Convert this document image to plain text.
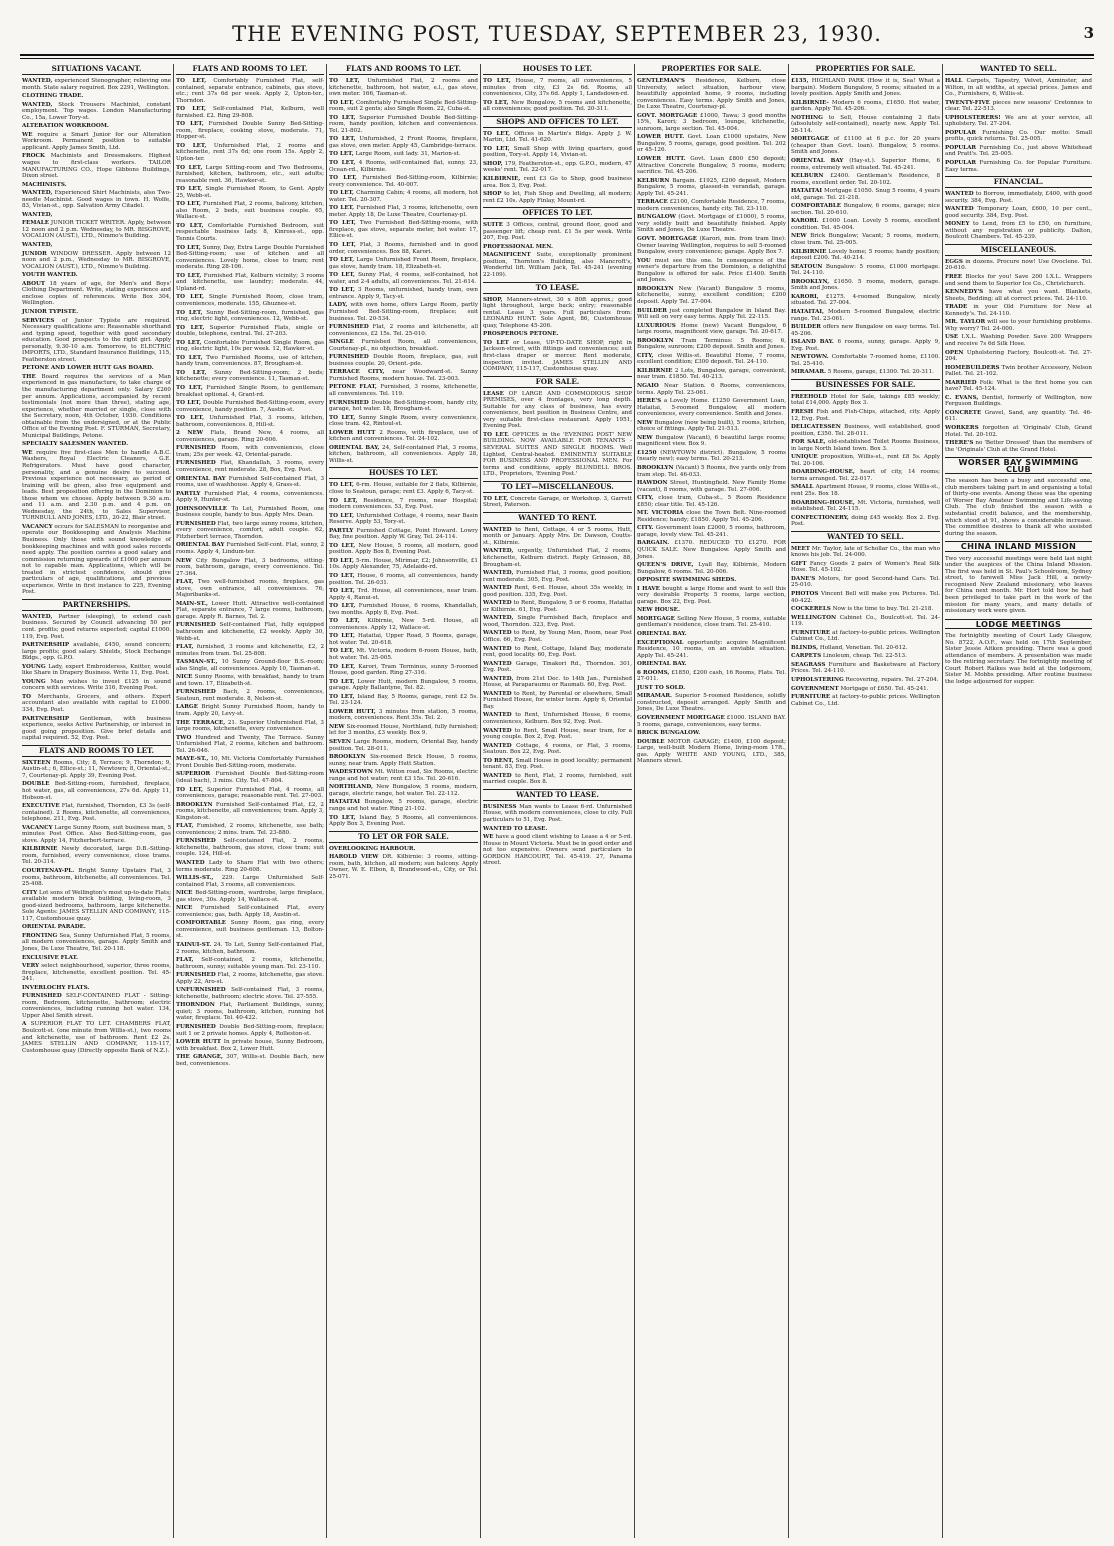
THE EVENING POST, TUESDAY, SEPTEMBER 23, 1930.	3
SITUATIONS VACANT.
WANTED, experienced Stenographer, relieving one month. State salary required. Box 2291, Wellington.
CLOTHING TRADE.
WANTED, Stock Trousers Machinist, constant employment. Top wages. London Manufacturing Co., 15a, Lower Tory-st.
ALTERATION WORKROOM.
WE require a Smart Junior for our Alteration Workroom. Permanent position to suitable applicant. Apply James Smith, Ltd.
FROCK Machinists and Dressmakers. Highest wages to first-class workers. TAILOR MANUFACTURING CO., Hope Gibbons Buildings, Dixon street.
MACHINISTS.
WANTED, Experienced Shirt Machinists, also Two-needle Machinist. Good wages in town. H. Wolfe, 83, Vivian-st., opp. Salvation Army Citadel.
WANTED,
FEMALE JUNIOR TICKET WRITER. Apply, between 12 noon and 2 p.m. Wednesday, to MR. BISGROVE, VOCALION (AUST.), LTD., Nimmo's Building.
WANTED,
JUNIOR WINDOW DRESSER. Apply between 12 noon and 2 p.m., Wednesday to MR. BISGROVE, VOCALION (AUST.), LTD., Nimmo's Building.
YOUTH WANTED.
ABOUT 18 years of age, for Men's and Boys' Clothing Department. Write, stating experience and enclose copies of references. Write Box 304, Wellington.
JUNIOR TYPISTE.
SERVICES of Junior Typiste are required. Necessary qualifications are: Reasonable shorthand and typing speed, together with good secondary education. Good prospects to the right girl. Apply personally, 9.30-10 a.m. Tomorrow, to ELECTRIC IMPORTS, LTD., Standard Insurance Buildings, 115, Featherston street.
PETONE AND LOWER HUTT GAS BOARD.
THE Board requires the services of a Man experienced in gas manufacture, to take charge of the manufacturing department only. Salary £260 per annum. Applications, accompanied by recent testimonials (not more than three), stating age, experience, whether married or single, close with the Secretary, noon, 4th October, 1930. Conditions obtainable from the undersigned, or at the Public Office of the Evening Post. F. STURMAN, Secretary, Municipal Buildings, Petone.
SPECIALTY SALESMEN WANTED.
WE require five first-class Men to handle A.B.C. Washers, Royal Electric Cleaners, G.E. Refrigerators. Must have good character, personality, and a genuine desire to succeed. Previous experience not necessary, as period of training will be given, also free equipment and leads. Best proposition offering in the Dominion to those whom we choose. Apply between 9.30 a.m. and 11 a.m. and 2.30 p.m. and 4 p.m. on Wednesday, the 24th, to Sales Supervisor, TURNBULL AND JONES, LTD., 20-22, Blair street.
VACANCY occurs for SALESMAN to reorganise and operate our Bookkeeping and Analysis Machine Business. Only those with sound knowledge of bookkeeping machines and with good sales records need apply. The position carries a good salary and commission returning upwards of £1000 per annum not to capable man. Applications, which will be treated in strictest confidence, should give particulars of age, qualifications, and previous experience. Write in first instance to 225, Evening Post.
PARTNERSHIPS.
WANTED, Partner (sleeping), to extend cash business. Secured by Council advancing 50 per cent. profits; good returns expected; capital £1000. 119, Evg. Post.
PARTNERSHIP available, £450, sound concern; large profits; good salary. Shields, Stock Exchange Bldgs., opp. G.P.O.
YOUNG Lady, expert Embroideress, Knitter, would like Share in Drapery Business. Write 11, Evg. Post.
YOUNG Man wishes to invest £125 in sound concern with services. Write 316, Evening Post.
TO Merchants, Grocers, and others. Expert accountant also available with capital to £1000. 334, Evg. Post.
PARTNERSHIP Gentleman, with business experience, seeks Active Partnership, or interest in good going proposition. Give brief details and capital required. 52, Evg. Post.
FLATS AND ROOMS TO LET.
SIXTEEN Rooms, City; 8, Terrace; 9, Thorndon; 9, Austin-st.; 6, Ellice-st.; 11, Newtown; 8, Oriental-st.; 7, Courtenay-pl. Apply 39, Evening Post.
DOUBLE Bed-Sitting-room, furnished, fireplace, hot water, gas, all conveniences, 27s 6d. Apply 11, Hobson-st.
EXECUTIVE Flat, furnished, Thorndon, £3 3s (self-contained). 2 Rooms, kitchenette, all conveniences, telephone. 211, Evg. Post.
VACANCY Large Sunny Room, suit business man, 5 minutes Post Office. Also Bed-Sitting-room, gas stove. Apply 14, Fitzherbert-terrace.
KILBIRNIE Newly decorated, large D.B.-Sitting-room, furnished, every convenience, close trams. Tel. 20-314.
COURTENAY-PL. Bright Sunny Upstairs Flat, 3 rooms, bathroom, kitchenette, all conveniences. Tel. 25-408.
CITY Lot sons of Wellington's most up-to-date Flats; available modern brick building, living-room, 3 good-sized bedrooms, bathroom, large kitchenette. Sole Agents: JAMES STELLIN AND COMPANY, 115-117, Customhouse quay.
ORIENTAL PARADE.
FRONTING Sea, Sunny Unfurnished Flat, 5 rooms, all modern conveniences, garage. Apply Smith and Jones, De Luxe Theatre, Tel. 20-118.
EXCLUSIVE FLAT.
VERY select neighbourhood, superior, three rooms, fireplace, kitchenette, excellent position. Tel. 45-241.
INVERLOCHY FLATS.
FURNISHED SELF-CONTAINED FLAT - Sitting-room, Bedroom, kitchenette, bathroom; electric conveniences, including running hot water. 134, Upper Abel Smith street.
A SUPERIOR FLAT TO LET. CHAMBERS FLAT, Boulcott-st. (one minute from Willis-st.), two rooms and kitchenette, use of bathroom. Rent £2 2s. JAMES STELLIN AND COMPANY, 115-117, Customhouse quay (Directly opposite Bank of N.Z.).
FLATS AND ROOMS TO LET.
TO LET, Comfortably Furnished Flat, self-contained, separate entrance, cabinets, gas stove, etc.; rent 37s 6d per week. Apply 2, Upton-ter., Thorndon.
TO LET, Self-contained Flat, Kelburn, well furnished. £2. Ring 29-808.
TO LET, Furnished Double Sunny Bed-Sitting-room, fireplace, cooking stove, moderate. 71, Hopper-st.
TO LET, Unfurnished Flat, 2 rooms and kitchenette, rent 37s 6d; one room 15s. Apply 2, Upton-ter.
TO LET, Large Sitting-room and Two Bedrooms, furnished, kitchen, bathroom, etc., suit adults; reasonable rent. 36, Hawker-st.
TO LET, Single Furnished Room, to Gent. Apply 25, Webb-st.
TO LET, Furnished Flat, 2 rooms, balcony, kitchen, also Room, 2 beds, suit business couple. 65, Wallace-st.
TO LET, Comfortable Furnished Bedroom, suit respectable business lady. 8, Kinross-st., opp. Tennis Courts.
TO LET, Sunny, Day, Extra Large Double Furnished Bed-Sitting-room; use of kitchen and all conveniences. Lovely home, close to tram; rent moderate. Ring 28-106.
TO LET, Furnished Flat, Kelburn vicinity; 3 rooms and kitchenette, use laundry; moderate. 44, Upland-rd.
TO LET, Single Furnished Room, close tram, conveniences, moderate. 155, Ghuznee-st.
TO LET, Sunny Bed-Sitting-room, furnished, gas ring, electric light, conveniences. 12, Webb-st.
TO LET, Superior Furnished Flats, single or double, telephone, central. Tel. 27-203.
TO LET, Comfortable Furnished Single Room, gas ring, electric light, 10s per week. 12, Hawker-st.
TO LET, Two Furnished Rooms, use of kitchen, handy tram, conveniences. 87, Brougham-st.
TO LET, Sunny Bed-Sitting-room; 2 beds; kitchenette; every convenience. 11, Tasman-st.
TO LET, Furnished Single Room, to gentleman; breakfast optional. 4, Grant-rd.
TO LET, Double Furnished Bed-Sitting-room, every convenience, handy position. 7, Austin-st.
TO LET, Unfurnished Flat, 3 rooms, kitchen, bathroom, conveniences. 8, Hill-st.
2 NEW Flats, Brand New, 4 rooms, all conveniences, garage. Ring 20-606.
FURNISHED Room, with conveniences, close tram; 25s per week. 42, Oriental-parade.
FURNISHED Flat, Khandallah, 3 rooms, every convenience, rent moderate. 28, Box, Evg. Post.
ORIENTAL BAY Furnished Self-contained Flat, 3 rooms, use of washhouse. Apply 4, Grass-st.
PARTLY Furnished Flat, 4 rooms, conveniences. Apply 9, Hunter-st.
JOHNSONVILLE To Let, Furnished Room, one business couple, handy to bus. Apply Mrs. Dean.
FURNISHED Flat, two large sunny rooms, kitchen, every convenience, comfort, adult couple. 62, Fitzherbert terrace, Thorndon.
ORIENTAL BAY Furnished Self-cont. Flat, sunny, 2 rooms. Apply 4, Lindum-ter.
NEW City Bungalow Flat, 3 bedrooms, sitting-room, bathroom, garage, every convenience. Tel. 27-364.
FLAT, Two well-furnished rooms, fireplace, gas stove, own entrance, all conveniences. 76, Majoribanks-st.
MAIN-ST., Lower Hutt. Attractive well-contained Flat, separate entrance, 7 large rooms, bathroom, garage. Apply R. Barnes, Tel. 2.
FURNISHED Self-contained Flat, fully equipped bathroom and kitchenette, £2 weekly. Apply 30, Webb-st.
FLAT, furnished, 3 rooms and kitchenette, £2, 2 minutes from tram. Tel. 25-808.
TASMAN-ST., 10 Sunny Ground-floor B.S.-room; also Single, all conveniences. Apply 10, Tasman-st.
NICE Sunny Rooms, with breakfast, handy to tram and town. 17, Elizabeth-st.
FURNISHED Bach, 2 rooms, conveniences, Seatoun, rent moderate. 8, Nelson-st.
LARGE Bright Sunny Furnished Room, handy to tram. Apply 20, Levy-st.
THE TERRACE, 21. Superior Unfurnished Flat, 3 large rooms, kitchenette, every convenience.
TWO Hundred and Twenty, The Terrace. Sunny Unfurnished Flat, 2 rooms, kitchen and bathroom. Tel. 26-046.
MAYE-ST., 10, Mt. Victoria Comfortably Furnished Front Double Bed-Sitting-room, moderate.
SUPERIOR Furnished Double Bed-Sitting-room (ideal bach), 3 mins. City. Tel. 47-804.
TO LET, Superior Furnished Flat, 4 rooms, all conveniences, garage; reasonable rent. Tel. 27-003.
BROOKLYN Furnished Self-contained Flat, £2, 2 rooms, kitchenette, all conveniences; tram. Apply 3, Kingston-st.
FLAT, Fumished, 2 rooms, kitchenette, use bath; conveniences; 2 mins. tram. Tel. 23-880.
FURNISHED Self-contained Flat, 2 rooms, kitchenette, bathroom, gas stove, close tram; suit couple. 124, Hill-st.
WANTED Lady to Share Flat with two others; terms moderate. Ring 20-608.
WILLIS-ST., 229. Large Unfurnished Self-contained Flat, 3 rooms, all conveniences.
NICE Bed-Sitting-room, wardrobe, large fireplace, gas stove, 30s. Apply 14, Wallace-st.
NICE Furnished Self-contained Flat, every convenience; gas, bath. Apply 18, Austin-st.
COMFORTABLE Sunny Room, gas ring, every convenience, suit business gentleman. 13, Bolton-st.
TAINUI-ST. 24. To Let, Sunny Self-contained Flat, 2 rooms, kitchen, bathroom.
FLAT, Self-contained, 2 rooms, kitchenette, bathroom, sunny; suitable young man. Tel. 23-110.
FURNISHED Flat, 2 rooms, kitchenette, gas stove. Apply 22, Aro-st.
UNFURNISHED Self-contained Flat, 3 rooms, kitchenette, bathroom; electric stove. Tel. 27-555.
THORNDON Flat, Parliament Buildings, sunny, quiet; 3 rooms, bathroom, kitchen, running hot water, fireplace. Tel. 40-422.
FURNISHED Double Bed-Sitting-room, fireplace; suit 1 or 2 private homes. Apply 4, Rolleston-st.
LOWER HUTT In private house, Sunny Bedroom, with breakfast. Box 2, Lower Hutt.
THE GRANGE, 307, Willis-st. Double Bach, new bed, conveniences.
FLATS AND ROOMS TO LET.
TO LET, Unfurnished Flat, 2 rooms and kitchenette, bathroom, hot water, e.l., gas stove, own meter. 166, Tasman-st.
TO LET, Comfortably Furnished Single Bed-Sitting-room, suit 2 gents; also Single Room. 22, Cuba-st.
TO LET, Superior Furnished Double Bed-Sitting-room, handy position, kitchen and conveniences. Tel. 21-802.
TO LET, Unfurnished, 2 Front Rooms, fireplace, gas stove, own meter. Apply 45, Cambridge-terrace.
TO LET, Large Room, suit lady. 31, Marion-st.
TO LET, 4 Rooms, self-contained flat, sunny. 23, Ocean-rd., Kilbirnie.
TO LET, Furnished Bed-Sitting-room, Kilbirnie; every convenience. Tel. 40-007.
TO LET, Charming Cabin; 4 rooms, all modern, hot water. Tel. 20-307.
TO LET, Furnished Flat, 3 rooms, kitchenette, own meter. Apply 18, De Luxe Theatre, Courtenay-pl.
TO LET, Two Furnished Bed-Sitting-rooms, with fireplace, gas stove, separate meter, hot water. 17, Ellice-st.
TO LET, Flat, 3 Rooms, furnished and in good order, conveniences. Box 88, Karori.
TO LET, Large Unfurnished Front Room, fireplace, gas stove, handy tram. 18, Elizabeth-st.
TO LET, Sunny Flat, 4 rooms, self-contained, hot water, and 2-4 adults, all conveniences. Tel. 21-614.
TO LET, 3 Rooms, unfurnished, handy tram, own entrance. Apply 9, Tacy-st.
LADY, with own home, offers Large Room, partly Furnished Bed-Sitting-room, fireplace; suit business. Tel. 20-534.
FURNISHED Flat, 2 rooms and kitchenette, all conveniences, £2 15s. Tel. 25-010.
SINGLE Furnished Room, all conveniences, Courtenay-pl., no objection, breakfast.
FURNISHED Double Room, fireplace, gas, suit business couple. 20, Orient.-pde.
TERRACE CITY, near Woodward-st. Sunny Furnished Rooms, modern house. Tel. 23-003.
PETONE FLAT, Furnished, 3 rooms, kitchenette, all conveniences. Tel. 119.
FURNISHED Double Bed-Sitting-room, handy city, garage, hot water. 18, Brougham-st.
TO LET, Sunny Single Room, every convenience, close tram. 42, Rintoul-st.
LOWER HUTT 2 Rooms, with fireplace, use of kitchen and conveniences. Tel. 24-102.
ORIENTAL BAY, 24, Self-contained Flat, 3 rooms, kitchen, bathroom, all conveniences. Apply 28, Willis-st.
HOUSES TO LET.
TO LET, 6-rm. House, suitable for 2 flats, Kilbirnie, close to Seatoun, garage; rent £3. Apply 6, Tacy-st.
TO LET, Residence, 7 rooms, near Hospital; modern conveniences. 53, Evg. Post.
TO LET, Unfurnished Cottage, 4 rooms, near Basin Reserve. Apply 53, Tory-st.
PARTLY Furnished Cottage, Point Howard. Lowry Bay, fine position. Apply W. Gray, Tel. 24-114.
TO LET, New House, 5 rooms, all modern, good position. Apply Box 8, Evening Post.
TO LET, 5-rm. House, Mirimar, £2; Johnsonville, £1 10s. Apply Alexander, 75, Adelaide-rd.
TO LET, House, 6 rooms, all conveniences, handy position. Tel. 26-031.
TO LET, Trd. House, all conveniences, near tram. Apply 4, Ranui-st.
TO LET, Furnished House, 6 rooms, Khandallah, two months. Apply 8, Evg. Post.
TO LET, Kilbirnie, New 5-rd. House, all conveniences. Apply 12, Wallace-st.
TO LET, Hataitai, Upper Road, 5 Rooms, garage, hot water. Tel. 20-618.
TO LET, Mt. Victoria, modern 6-room House, bath, hot water. Tel. 25-005.
TO LET, Karori, Tram Terminus, sunny 5-roomed House, good garden. Ring 27-316.
TO LET, Lower Hutt, modern Bungalow, 5 rooms, garage. Apply Ballantyne, Tel. 82.
TO LET, Island Bay, 5 Rooms, garage, rent £2 5s. Tel. 23-124.
LOWER HUTT, 3 minutes from station, 5 rooms, modern, conveniences. Rent 35s. Tel. 2.
NEW Six-roomed House, Northland, fully furnished; let for 3 months, £3 weekly. Box 9.
SEVEN Large Rooms, modern, Oriental Bay, handy position. Tel. 28-011.
BROOKLYN Six-roomed Brick House, 5 rooms, sunny, near tram. Apply Hutt Station.
WADESTOWN Mt. Wilton road, Six Rooms, electric range and hot water; rent £3 15s. Tel. 20-616.
NORTHLAND, New Bungalow, 5 rooms, modern, garage, electric range, hot water. Tel. 22-112.
HATAITAI Bungalow, 5 rooms, garage, electric range and hot water. Ring 21-102.
TO LET, Island Bay, 5 Rooms, all conveniences. Apply Box 3, Evening Post.
TO LET OR FOR SALE.
OVERLOOKING HARBOUR.
HAROLD VIEW DR. Kilbirnie: 3 rooms, sitting-room, bath, kitchen, all modern; sun balcony. Apply Owner, W. E. Elbon, 8, Brandwood-st., City, or Tel. 25-071.
HOUSES TO LET.
TO LET, House, 7 rooms, all conveniences, 5 minutes from city, £3 2s 6d. Rooms, all conveniences, City, 37s 6d. Apply 1, Landsdown-rd.
TO LET, New Bungalow, 5 rooms and kitchenette, all conveniences; good position. Tel. 20-311.
SHOPS AND OFFICES TO LET.
TO LET, Offices in Martin's Bldgs. Apply J. W. Martin, Ltd. Tel. 41-620.
TO LET, Small Shop with living quarters, good position, Tory-st. Apply 14, Vivian-st.
SHOP, 179, Featherston-st., opp. G.P.O., modern, 47 weeks' rent. Tel. 22-017.
KILBIRNIE, rent £3 Go to Shop, good business area. Box 3, Evg. Post.
SHOP to let, Fish Shop and Dwelling, all modern; rent £2 10s. Apply Finlay, Mount-rd.
OFFICES TO LET.
SUITE 3 Offices, central, ground floor, good and passenger lift; cheap rent. £1 5s per week. Write 207, Evg. Post.
PROFESSIONAL MEN.
MAGNIFICENT Suite, exceptionally prominent position, Thornton's Building, also Mancroft's, Wonderful lift. William Jack, Tel. 45-241 (evening 22-109).
TO LEASE.
SHOP, Manners-street, 30 x 80ft approx.; good light throughout, large back; entry; reasonable rental. Lease 3 years. Full particulars from: LEONARD HUNT. Sole Agent, 86, Customhouse quay, Telephone 45-206.
PROSPEROUS PETONE.
TO LET or Lease, UP-TO-DATE SHOP, right in Jackson-street, with fittings and conveniences; suit first-class draper or mercer. Rent moderate, inspection invited. JAMES STELLIN AND COMPANY, 115-117, Customhouse quay.
FOR SALE.
LEASE OF LARGE AND COMMODIOUS SHOP PREMISES, over 4 frontages, very long depth. Suitable for any class of business, has every convenience, best position in Business Centre, and very suitable first-class restaurant. Apply 1951, Evening Post.
TO LET. OFFICES in the 'EVENING POST' NEW BUILDING. NOW AVAILABLE FOR TENANTS - SEVERAL SUITES AND SINGLE ROOMS. Well Lighted, Central-heated. EMINENTLY SUITABLE FOR BUSINESS AND PROFESSIONAL MEN. For terms and conditions, apply BLUNDELL BROS. LTD., Proprietors, 'Evening Post.'
TO LET—MISCELLANEOUS.
TO LET, Concrete Garage, or Workshop. 3, Garrett Street, Paterson.
WANTED TO RENT.
WANTED to Rent, Cottage, 4 or 5 rooms, Hutt, month or January. Apply Mrs. Dr. Dawson, Coutts-st., Kilbirnie.
WANTED, urgently, Unfurnished Flat, 2 rooms, kitchenette, Kelburn district. Reply Grinsson, 88, Brougham-st.
WANTED, Furnished Flat, 3 rooms, good position; rent moderate. 305, Evg. Post.
WANTED Rent, 6-rd. House, about 35s weekly, in good position. 335, Evg. Post.
WANTED to Rent, Bungalow, 5 or 6 rooms, Hataitai or Kilbirnie. 61, Evg. Post.
WANTED, Single Furnished Bach, fireplace and wood, Thorndon. 323, Evg. Post.
WANTED to Rent, by Young Men, Room, near Post Office. 66, Evg. Post.
WANTED to Rent, Cottage, Island Bay, moderate rent, good locality. 60, Evg. Post.
WANTED Garage, Tinakori Rd., Thorndon. 301, Evg. Post.
WANTED, from 21st Dec. to 14th Jan., Furnished House, at Paraparaumu or Raumati. 60, Evg. Post.
WANTED to Rent, by Parental or elsewhere, Small Furnished House, for winter term. Apply 6, Oriental Bay.
WANTED to Rent, Unfurnished House, 6 rooms, conveniences, Kelburn. Box 92, Evg. Post.
WANTED to Rent, Small House, near tram, for a young couple. Box 2, Evg. Post.
WANTED Cottage, 4 rooms, or Flat, 3 rooms, Seatoun. Box 22, Evg. Post.
TO RENT, Small House in good locality; permanent tenant. 83, Evg. Post.
WANTED to Rent, Flat, 2 rooms, furnished, suit married couple. Box 8.
WANTED TO LEASE.
BUSINESS Man wants to Lease 6-rd. Unfurnished House, with modern conveniences, close to city. Full particulars to 51, Evg. Post.
WANTED TO LEASE.
WE have a good client wishing to Lease a 4 or 5-rd. House in Mount Victoria. Must be in good order and not too expensive. Owners send particulars to GORDON HARCOURT, Tel. 45-419. 27, Panama street.
PROPERTIES FOR SALE.
GENTLEMAN'S Residence, Kelburn, close University, select situation, harbour view, beautifully appointed home, 9 rooms, including conveniences. Easy terms. Apply Smith and Jones, De Luxe Theatre, Courtenay-pl.
GOVT. MORTGAGE £1000, Tawa; 3 good months 15%, Karori; 3 bedroom, lounge, kitchenette, sunroom, large section. Tel. 45-004.
LOWER HUTT. Govt. Loan £1000 upstairs, New Bungalow, 5 rooms, garage, good position. Tel. 202 or 45-126.
LOWER HUTT. Govt. Loan £800 £50 deposit; Attractive Concrete Bungalow, 5 rooms, modern; sacrifice. Tel. 45-206.
KELBURN Bargain. £1925, £200 deposit, Modern Bungalow, 5 rooms, glassed-in verandah, garage. Apply Tel. 45-241.
TERRACE £2100, Comfortable Residence, 7 rooms, modern conveniences, handy city. Tel. 23-110.
BUNGALOW (Govt. Mortgage of £1000), 5 rooms, very solidly built and beautifully finished. Apply Smith and Jones, De Luxe Theatre.
GOVT. MORTGAGE (Karori, min. from tram line): Owner leaving Wellington, requires to sell 5-roomed Bungalow, every convenience; garage. Apply Box 7.
YOU must see this one. In consequence of the owner's departure from the Dominion, a delightful Bungalow is offered for sale. Price £1400. Smith and Jones.
BROOKLYN New (Vacant) Bungalow 5 rooms, kitchenette, sunny, excellent condition; £200 deposit. Apply Tel. 27-004.
BUILDER just completed Bungalow in Island Bay. Will sell on very easy terms. Apply Tel. 22-115.
LUXURIOUS Home (new) Vacant Bungalow, 6 large rooms, magnificent view, garage. Tel. 20-617.
BROOKLYN Tram Terminus: 5 Rooms; 6, Bungalow, sunroom; £200 deposit. Smith and Jones.
CITY, close Willis-st. Beautiful Home, 7 rooms, excellent condition; £300 deposit. Tel. 24-110.
KILBIRNIE 2 Lots, Bungalow, garage, convenient, near tram. £1850. Tel. 40-213.
NGAIO Near Station. 6 Rooms, conveniences, terms. Apply Tel. 23-061.
HERE'S a Lovely Home. £1250 Government Loan, Hataitai, 5-roomed Bungalow, all modern conveniences, every convenience. Smith and Jones.
NEW Bungalow (now being built), 5 rooms, kitchen, choice of fittings. Apply Tel. 21-513.
NEW Bungalow (Vacant), 6 beautiful large rooms; magnificent view. Box 9.
£1250 (NEWTOWN district). Bungalow, 5 rooms (nearly new); easy terms. Tel. 20-213.
BROOKLYN (Vacant) 5 Rooms, five yards only from tram stop. Tel. 46-033.
HAWDON Street, Huntingfield. New Family Home (vacant), 8 rooms, with garage. Tel. 27-006.
CITY, close tram, Cuba-st., 5 Room Residence £850; clear title. Tel. 45-126.
MT. VICTORIA close the Town Belt. Nine-roomed Residence; handy; £1850. Apply Tel. 45-206.
CITY. Government loan £2000, 5 rooms, bathroom, garage, lovely view. Tel. 45-241.
BARGAIN. £1370. REDUCED TO £1270. FOR QUICK SALE. New Bungalow. Apply Smith and Jones.
QUEEN'S DRIVE, Lyall Bay, Kilbirnie, Modern Bungalow, 6 rooms. Tel. 20-006.
OPPOSITE SWIMMING SHEDS.
I HAVE bought a large Home and want to sell this very desirable Property. 5 rooms, large section, garage. Box 22, Evg. Post.
NEW HOUSE.
MORTGAGE Selling New House, 5 rooms, suitable gentleman's residence, close tram. Tel. 25-410.
ORIENTAL BAY.
EXCEPTIONAL opportunity: acquire Magnificent Residence, 10 rooms, on an enviable situation. Apply Tel. 45-241.
ORIENTAL BAY.
6 ROOMS, £1850, £200 cash, 16 Rooms, Flats. Tel. 27-011.
JUST TO SOLD.
MIRAMAR. Superior 5-roomed Residence, solidly constructed, deposit arranged. Apply Smith and Jones, De Luxe Theatre.
GOVERNMENT MORTGAGE £1000. ISLAND BAY. 5 rooms, garage, conveniences, easy terms.
BRICK BUNGALOW.
DOUBLE MOTOR GARAGE; £1400, £100 deposit; Large, well-built Modern Home, living-room 17ft., gas. Apply WHITE AND YOUNG, LTD., 385, Manners street.
PROPERTIES FOR SALE.
£135, HIGHLAND PARK (How it is, Sea! What a bargain). Modern Bungalow, 5 rooms; situated in a lovely position. Apply Smith and Jones.
KILBIRNIE- Modern 6 rooms, £1650. Hot water, garden. Apply Tel. 45-206.
NOTHING to Sell, House containing 2 flats (absolutely self-contained), nearly new. Apply Tel. 28-114.
MORTGAGE of £1100 at 6 p.c. for 20 years (cheaper than Govt. loan). Bungalow, 5 rooms. Smith and Jones.
ORIENTAL BAY (Hay-st.). Superior Home, 6 rooms, extremely well situated. Tel. 45-241.
KELBURN £2400. Gentleman's Residence, 8 rooms, excellent order. Tel. 20-102.
HATAITAI Mortgage £1050. Snug 5 rooms, 4 years old, garage. Tel. 21-218.
COMFORTABLE Bungalow, 6 rooms, garage; nice section. Tel. 20-610.
KARORI. £1000 Loan. Lovely 5 rooms, excellent condition. Tel. 45-004.
NEW Brick Bungalow; Vacant; 5 rooms, modern, close tram. Tel. 25-005.
KILBIRNIE Lovely home; 5 rooms; handy position; deposit £200. Tel. 40-214.
SEATOUN Bungalow: 5 rooms, £1000 mortgage. Tel. 24-110.
BROOKLYN, £1650. 5 rooms, modern, garage. Smith and Jones.
KARORI, £1275. 4-roomed Bungalow, nicely situated. Tel. 27-004.
HATAITAI, Modern 5-roomed Bungalow, electric range. Tel. 23-061.
BUILDER offers new Bungalow on easy terms. Tel. 45-206.
ISLAND BAY. 6 rooms, sunny, garage. Apply 9, Evg. Post.
NEWTOWN. Comfortable 7-roomed home, £1100. Tel. 25-410.
MIRAMAR. 5 Rooms, garage, £1300. Tel. 20-311.
BUSINESSES FOR SALE.
FREEHOLD Hotel for Sale, takings £85 weekly; total £14,000. Apply Box 3.
FRESH Fish and Fish-Chips, attached, city. Apply 12, Evg. Post.
DELICATESSEN Business, well established, good position, £350. Tel. 28-011.
FOR SALE, old-established Toilet Rooms Business, in large North Island town. Box 3.
UNIQUE proposition, Willis-st., rent £8 5s. Apply Tel. 20-106.
BOARDING-HOUSE, heart of city, 14 rooms; terms arranged. Tel. 22-017.
SMALL Apartment House, 9 rooms, close Willis-st., rent 25s. Box 18.
BOARDING-HOUSE, Mt. Victoria, furnished, well established. Tel. 24-115.
CONFECTIONERY, doing £45 weekly. Box 2. Evg. Post.
WANTED TO SELL.
MEET Mr. Taylor, late of Schollar Co., the man who knows his job. Tel. 24-000.
GIFT Fancy Goods 2 pairs of Women's Real Silk Hose. Tel. 45-102.
DANE'S Motors, for good Second-hand Cars. Tel. 25-010.
PHOTOS Vincent Bell will make you Pictures. Tel. 40-422.
COCKERELS Now is the time to buy. Tel. 21-218.
WELLINGTON Cabinet Co., Boulcott-st. Tel. 24-119.
FURNITURE at factory-to-public prices. Wellington Cabinet Co., Ltd.
BLINDS, Holland, Venetian. Tel. 20-612.
CARPETS Linoleum, cheap. Tel. 22-513.
SEAGRASS Furniture and Basketware at Factory Prices. Tel. 24-110.
UPHOLSTERING Recovering, repairs. Tel. 27-204.
GOVERNMENT Mortgage of £650. Tel. 45-241.
FURNITURE at factory-to-public prices. Wellington Cabinet Co., Ltd.
WANTED TO SELL.
HALL Carpets, Tapestry, Velvet, Axminster, and Wilton, in all widths, at special prices. James and Co., Furnishers, 6, Willis-st.
TWENTY-FIVE pieces new seasons' Cretonnes to clear. Tel. 22-513.
UPHOLSTERERS! We are at your service, all upholstery. Tel. 27-204.
POPULAR Furnishing Co. Our motto: Small profits, quick returns. Tel. 25-005.
POPULAR Furnishing Co., just above Whitehead and Pratt's. Tel. 25-005.
POPULAR Furnishing Co. for Popular Furniture. Easy terms.
FINANCIAL.
WANTED to Borrow, immediately, £400, with good security. 384, Evg. Post.
WANTED Temporary Loan, £600, 10 per cent., good security. 384, Evg. Post.
MONEY to Lend, from £5 to £50, on furniture, without any registration or publicity. Dalton, Boulcott Chambers. Tel. 45-239.
MISCELLANEOUS.
EGGS in dozens. Procure now! Use Ovoclene. Tel. 20-610.
FREE Blocks for you! Save 200 I.X.L. Wrappers and send them to Superior Ice Co., Christchurch.
KENNEDY'S have what you want. Blankets, Sheets, Bedding; all at correct prices. Tel. 24-110.
TRADE in your Old Furniture for New at Kennedy's. Tel. 24-110.
MR. TAYLOR will see to your furnishing problems. Why worry? Tel. 24-000.
USE I.X.L. Washing Powder. Save 200 Wrappers and receive 7s 6d Silk Hose.
OPEN Upholstering Factory, Boulcott-st. Tel. 27-204.
HOMEBUILDERS Twin brother Accessory, Nelson Pallet. Tel. 21-102.
MARRIED Folk: What is the first home you can have? Tel. 45-124.
C. EVANS, Dentist, formerly of Wellington, now Ferguson Buildings.
CONCRETE Gravel, Sand, any quantity. Tel. 46-611.
WORKERS forgotten at 'Originals' Club, Grand Hotel. Tel. 20-102.
THERE'S no 'Better Dressed' than the members of the 'Originals' Club at the Grand Hotel.
WORSER BAY SWIMMING CLUB
The season has been a busy and successful one, club members taking part in and organising a total of thirty-one events. Among these was the opening of Worser Bay Amateur Swimming and Life-saving Club. The club finished the season with a substantial credit balance, and the membership, which stood at 91, shows a considerable increase. The committee desires to thank all who assisted during the season.
CHINA INLAND MISSION
Two very successful meetings were held last night under the auspices of the China Inland Mission. The first was held in St. Paul's Schoolroom, Sydney street, to farewell Miss Jack Hill, a newly-recognised New Zealand missionary, who leaves for China next month. Mr. Hort told how he had been privileged to take part in the work of the mission for many years, and many details of missionary work were given.
LODGE MEETINGS
The fortnightly meeting of Court Lady Glasgow, No. 8722, A.O.F., was held on 17th September, Sister Jessie Aitken presiding. There was a good attendance of members. A presentation was made to the retiring secretary. The fortnightly meeting of Court Robert Raikes was held at the lodgeroom, Sister M. Mobbs presiding. After routine business the lodge adjourned for supper.
